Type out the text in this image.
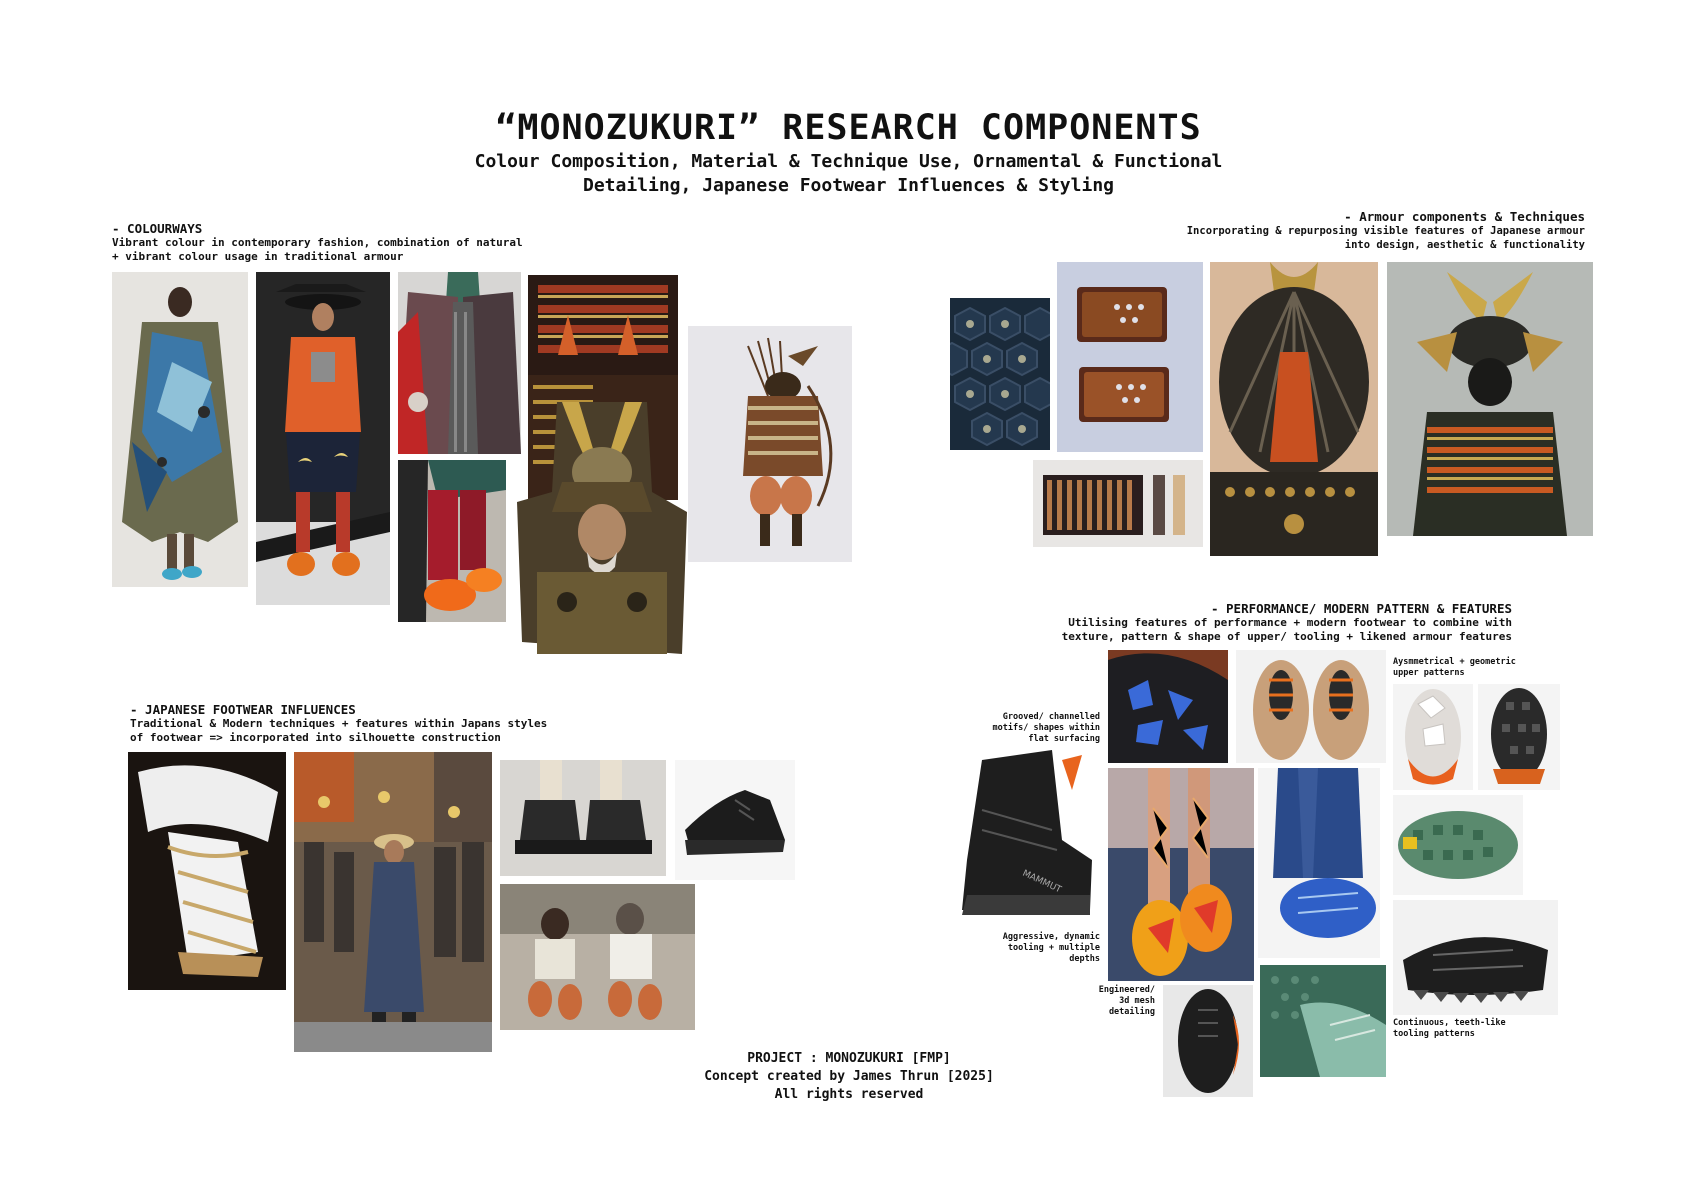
“MONOZUKURI” RESEARCH COMPONENTS
Colour Composition, Material & Technique Use, Ornamental & Functional
Detailing, Japanese Footwear Influences & Styling
- COLOURWAYS
Vibrant colour in contemporary fashion, combination of natural
+ vibrant colour usage in traditional armour
- Armour components & Techniques
Incorporating & repurposing visible features of Japanese armour
into design, aesthetic & functionality
- PERFORMANCE/ MODERN PATTERN & FEATURES
Utilising features of performance + modern footwear to combine with
texture, pattern & shape of upper/ tooling + likened armour features
Grooved/ channelled
motifs/ shapes within
flat surfacing
Aggressive, dynamic
tooling + multiple
depths
Engineered/
3d mesh
detailing
Aysmmetrical + geometric
upper patterns
Continuous, teeth-like
tooling patterns
MAMMUT
- JAPANESE FOOTWEAR INFLUENCES
Traditional & Modern techniques + features within Japans styles
of footwear => incorporated into silhouette construction
PROJECT : MONOZUKURI [FMP]
Concept created by James Thrun [2025]
All rights reserved
